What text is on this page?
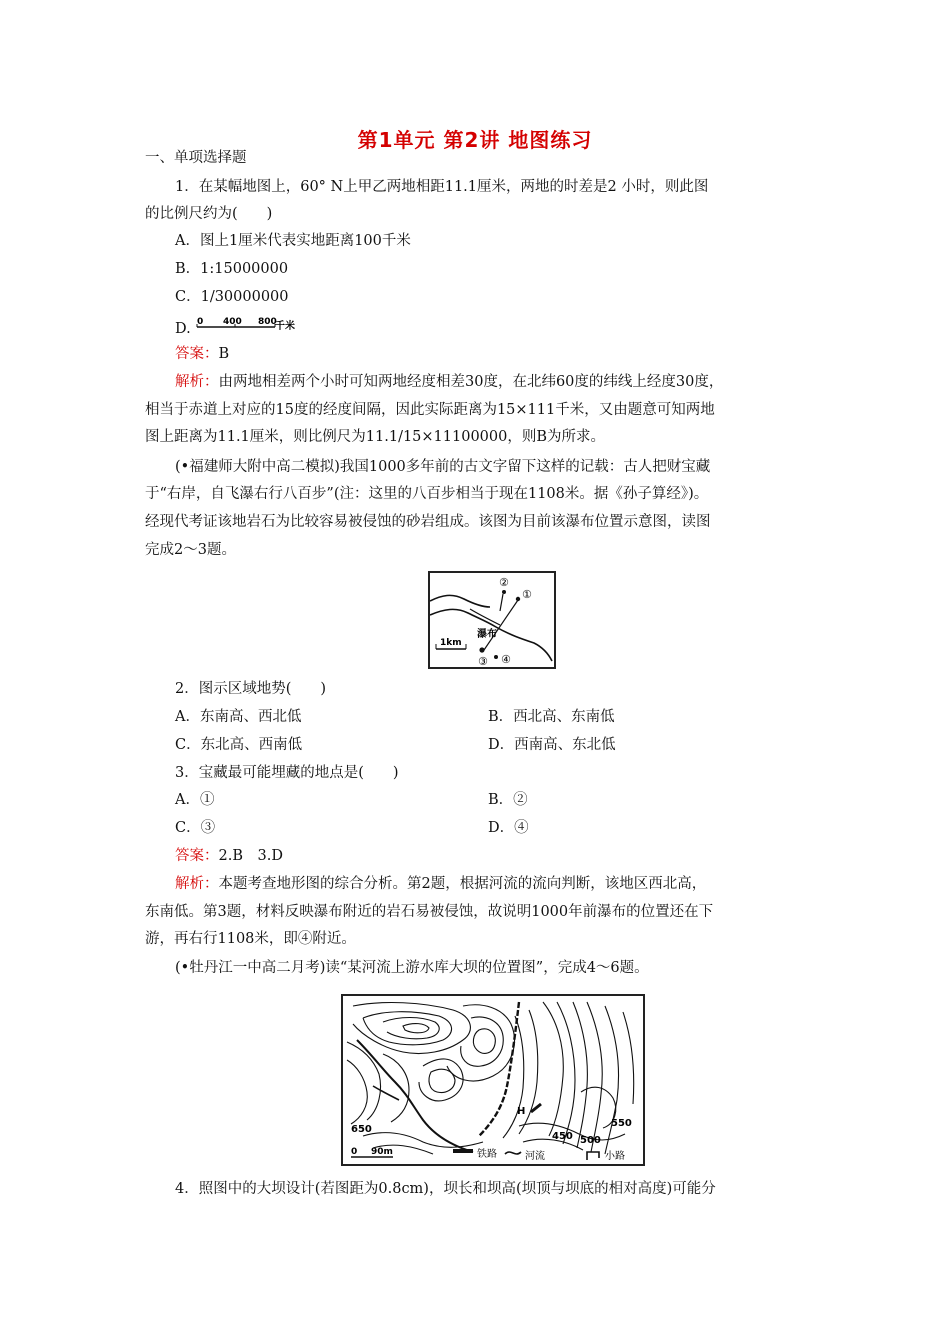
第1单元 第2讲 地图练习
一、单项选择题
1．在某幅地图上，60° N上甲乙两地相距11.1厘米，两地的时差是2 小时，则此图
的比例尺约为(　　)
A．图上1厘米代表实地距离100千米
B．1:15000000
C．1/30000000
D. 0 400 800
千米
答案：B
解析：由两地相差两个小时可知两地经度相差30度，在北纬60度的纬线上经度30度，
相当于赤道上对应的15度的经度间隔，因此实际距离为15×111千米，又由题意可知两地
图上距离为11.1厘米，则比例尺为11.1/15×11100000，则B为所求。
(•福建师大附中高二模拟)我国1000多年前的古文字留下这样的记载：古人把财宝藏
于“右岸，自飞瀑右行八百步”(注：这里的八百步相当于现在1108米。据《孙子算经》)。
经现代考证该地岩石为比较容易被侵蚀的砂岩组成。该图为目前该瀑布位置示意图，读图
完成2～3题。
②
①
瀑布
1km
③ ④
2．图示区域地势(　　)
A．东南高、西北低	B．西北高、东南低
C．东北高、西南低	D．西南高、东北低
3．宝藏最可能埋藏的地点是(　　)
A．①	B．②
C．③	D．④
答案：2.B　3.D
解析：本题考查地形图的综合分析。第2题，根据河流的流向判断，该地区西北高，
东南低。第3题，材料反映瀑布附近的岩石易被侵蚀，故说明1000年前瀑布的位置还在下
游，再右行1108米，即④附近。
(•牡丹江一中高二月考)读“某河流上游水库大坝的位置图”，完成4～6题。
H
650
450 500
550
0 90m	铁路	河流	小路
4．照图中的大坝设计(若图距为0.8cm)，坝长和坝高(坝顶与坝底的相对高度)可能分
